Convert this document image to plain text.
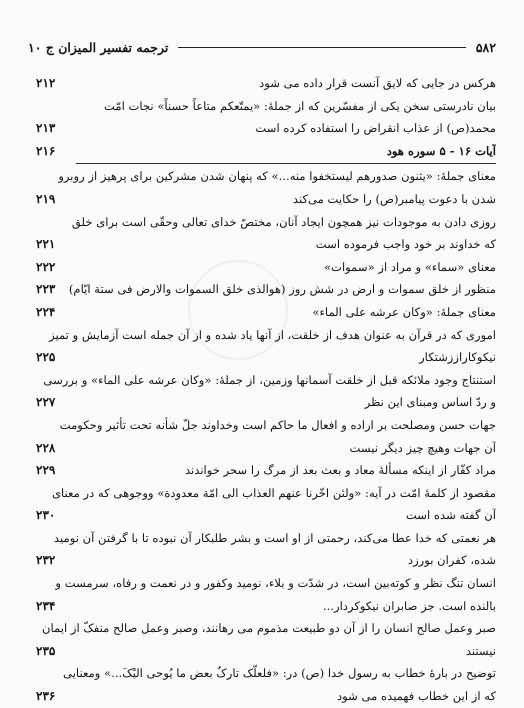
ترجمه تفسیر المیزان ج ۱۰	۵۸۲
هرکس در جایی که لایق آنست قرار داده می شود
۲۱۲
بیان نادرستی سخن یکی از مفسّرین که از جملهٔ: «یمتّعکم متاعاً حسناً» نجات امّت
محمد(ص) از عذاب انقراض را استفاده کرده است
۲۱۳
آیات ۱۶ - ۵ سوره هود
۲۱۶
معنای جملهٔ: «یثنون صدورهم لیستخفوا منه...» که پنهان شدن مشرکین برای پرهیز از روبرو
شدن با دعوت پیامبر(ص) را حکایت می‌کند
۲۱۹
روزی دادن به موجودات نیز همچون ایجاد آنان، مختصّ خدای تعالی وحقّی است برای خلق
که خداوند بر خود واجب فرموده است
۲۲۱
معنای «سماء» و مراد از «سموات»
۲۲۲
منظور از خلق سموات و ارض در شش روز (هوالذی خلق السموات والارض فی ستة ایّام)
۲۲۳
معنای جملهٔ: «وکان عرشه علی الماء»
۲۲۴
اموری که در قرآن به عنوان هدف از خلقت، از آنها یاد شده و از آن جمله است آزمایش و تمیز
نیکوکاراززشتکار
۲۲۵
استنتاج وجود ملائکه قبل از خلقت آسمانها وزمین، از جملهٔ: «وکان عرشه علی الماء» و بررسی
و ردّ اساس ومبنای این نظر
۲۲۷
جهات حسن ومصلحت بر اراده و افعال ما حاکم است وخداوند جلّ شأنه تحت تأثیر وحکومت
آن جهات وهیچ چیز دیگر نیست
۲۲۸
مراد کفّار از اینکه مسألهٔ معاد و بعث بعد از مرگ را سحر خواندند
۲۲۹
مقصود از کلمهٔ امّت در آیه: «ولئن اخّرنا عنهم العذاب الی امّة معدودة» ووجوهی که در معنای
آن گفته شده است
۲۳۰
هر نعمتی که خدا عطا می‌کند، رحمتی از او است و بشر طلبکار آن نبوده تا با گرفتن آن نومید
شده، کفران بورزد
۲۳۲
انسان تنگ نظر و کوته‌بین است، در شدّت و بلاء، نومید وکفور و در نعمت و رفاه، سرمست و
بالنده است. جز صابران نیکوکردار...
۲۳۴
صبر وعمل صالح انسان را از آن دو طبیعت مذموم می رهانند، وصبر وعمل صالح منفکّ از ایمان
نیستند
۲۳۵
توضیح در بارهٔ خطاب به رسول خدا (ص) در: «فلعلّک تارکٌ بعض ما یُوحی الیْکَ...» ومعنایی
که از این خطاب فهمیده می شود
۲۳۶
